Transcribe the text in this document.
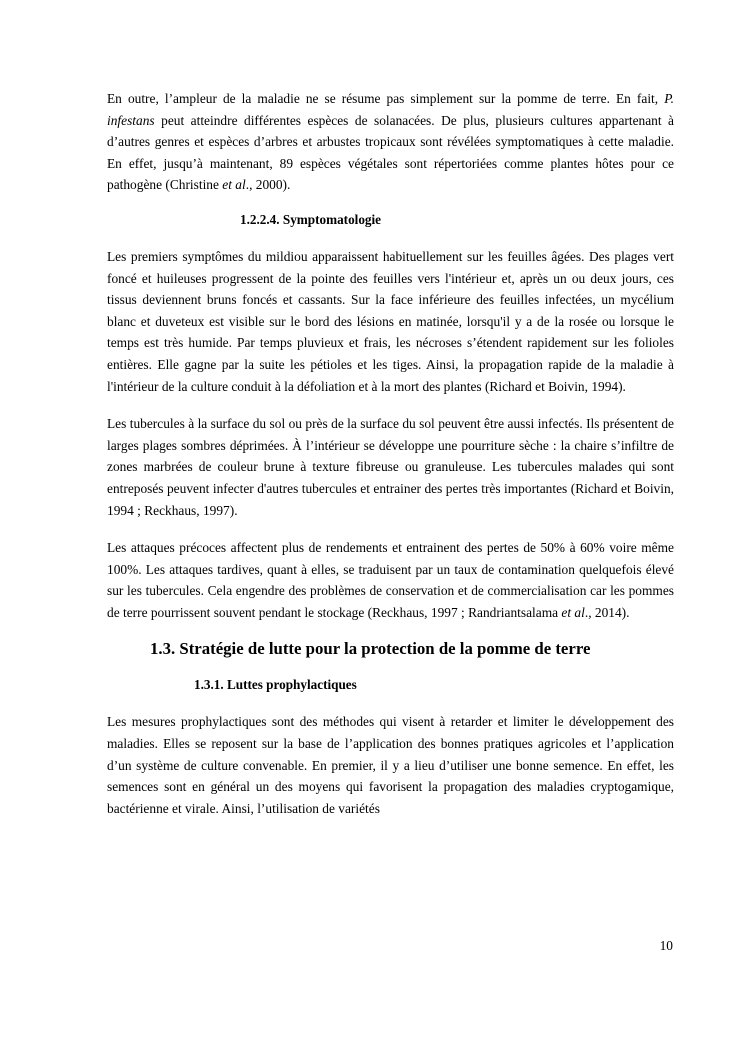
En outre, l’ampleur de la maladie ne se résume pas simplement sur la pomme de terre. En fait, P. infestans peut atteindre différentes espèces de solanacées. De plus, plusieurs cultures appartenant à d’autres genres et espèces d’arbres et arbustes tropicaux sont révélées symptomatiques à cette maladie. En effet, jusqu’à maintenant, 89 espèces végétales sont répertoriées comme plantes hôtes pour ce pathogène (Christine et al., 2000).

1.2.2.4. Symptomatologie

Les premiers symptômes du mildiou apparaissent habituellement sur les feuilles âgées. Des plages vert foncé et huileuses progressent de la pointe des feuilles vers l'intérieur et, après un ou deux jours, ces tissus deviennent bruns foncés et cassants. Sur la face inférieure des feuilles infectées, un mycélium blanc et duveteux est visible sur le bord des lésions en matinée, lorsqu'il y a de la rosée ou lorsque le temps est très humide. Par temps pluvieux et frais, les nécroses s’étendent rapidement sur les folioles entières. Elle gagne par la suite les pétioles et les tiges. Ainsi, la propagation rapide de la maladie à l'intérieur de la culture conduit à la défoliation et à la mort des plantes (Richard et Boivin, 1994).

Les tubercules à la surface du sol ou près de la surface du sol peuvent être aussi infectés. Ils présentent de larges plages sombres déprimées. À l’intérieur se développe une pourriture sèche : la chaire s’infiltre de zones marbrées de couleur brune à texture fibreuse ou granuleuse. Les tubercules malades qui sont entreposés peuvent infecter d'autres tubercules et entrainer des pertes très importantes (Richard et Boivin, 1994 ; Reckhaus, 1997).

Les attaques précoces affectent plus de rendements et entrainent des pertes de 50% à 60% voire même 100%. Les attaques tardives, quant à elles, se traduisent par un taux de contamination quelquefois élevé sur les tubercules. Cela engendre des problèmes de conservation et de commercialisation car les pommes de terre pourrissent souvent pendant le stockage (Reckhaus, 1997 ; Randriantsalama et al., 2014).

1.3. Stratégie de lutte pour la protection de la pomme de terre

1.3.1. Luttes prophylactiques

Les mesures prophylactiques sont des méthodes qui visent à retarder et limiter le développement des maladies. Elles se reposent sur la base de l’application des bonnes pratiques agricoles et l’application d’un système de culture convenable. En premier, il y a lieu d’utiliser une bonne semence. En effet, les semences sont en général un des moyens qui favorisent la propagation des maladies cryptogamique, bactérienne et virale. Ainsi, l’utilisation de variétés

10
